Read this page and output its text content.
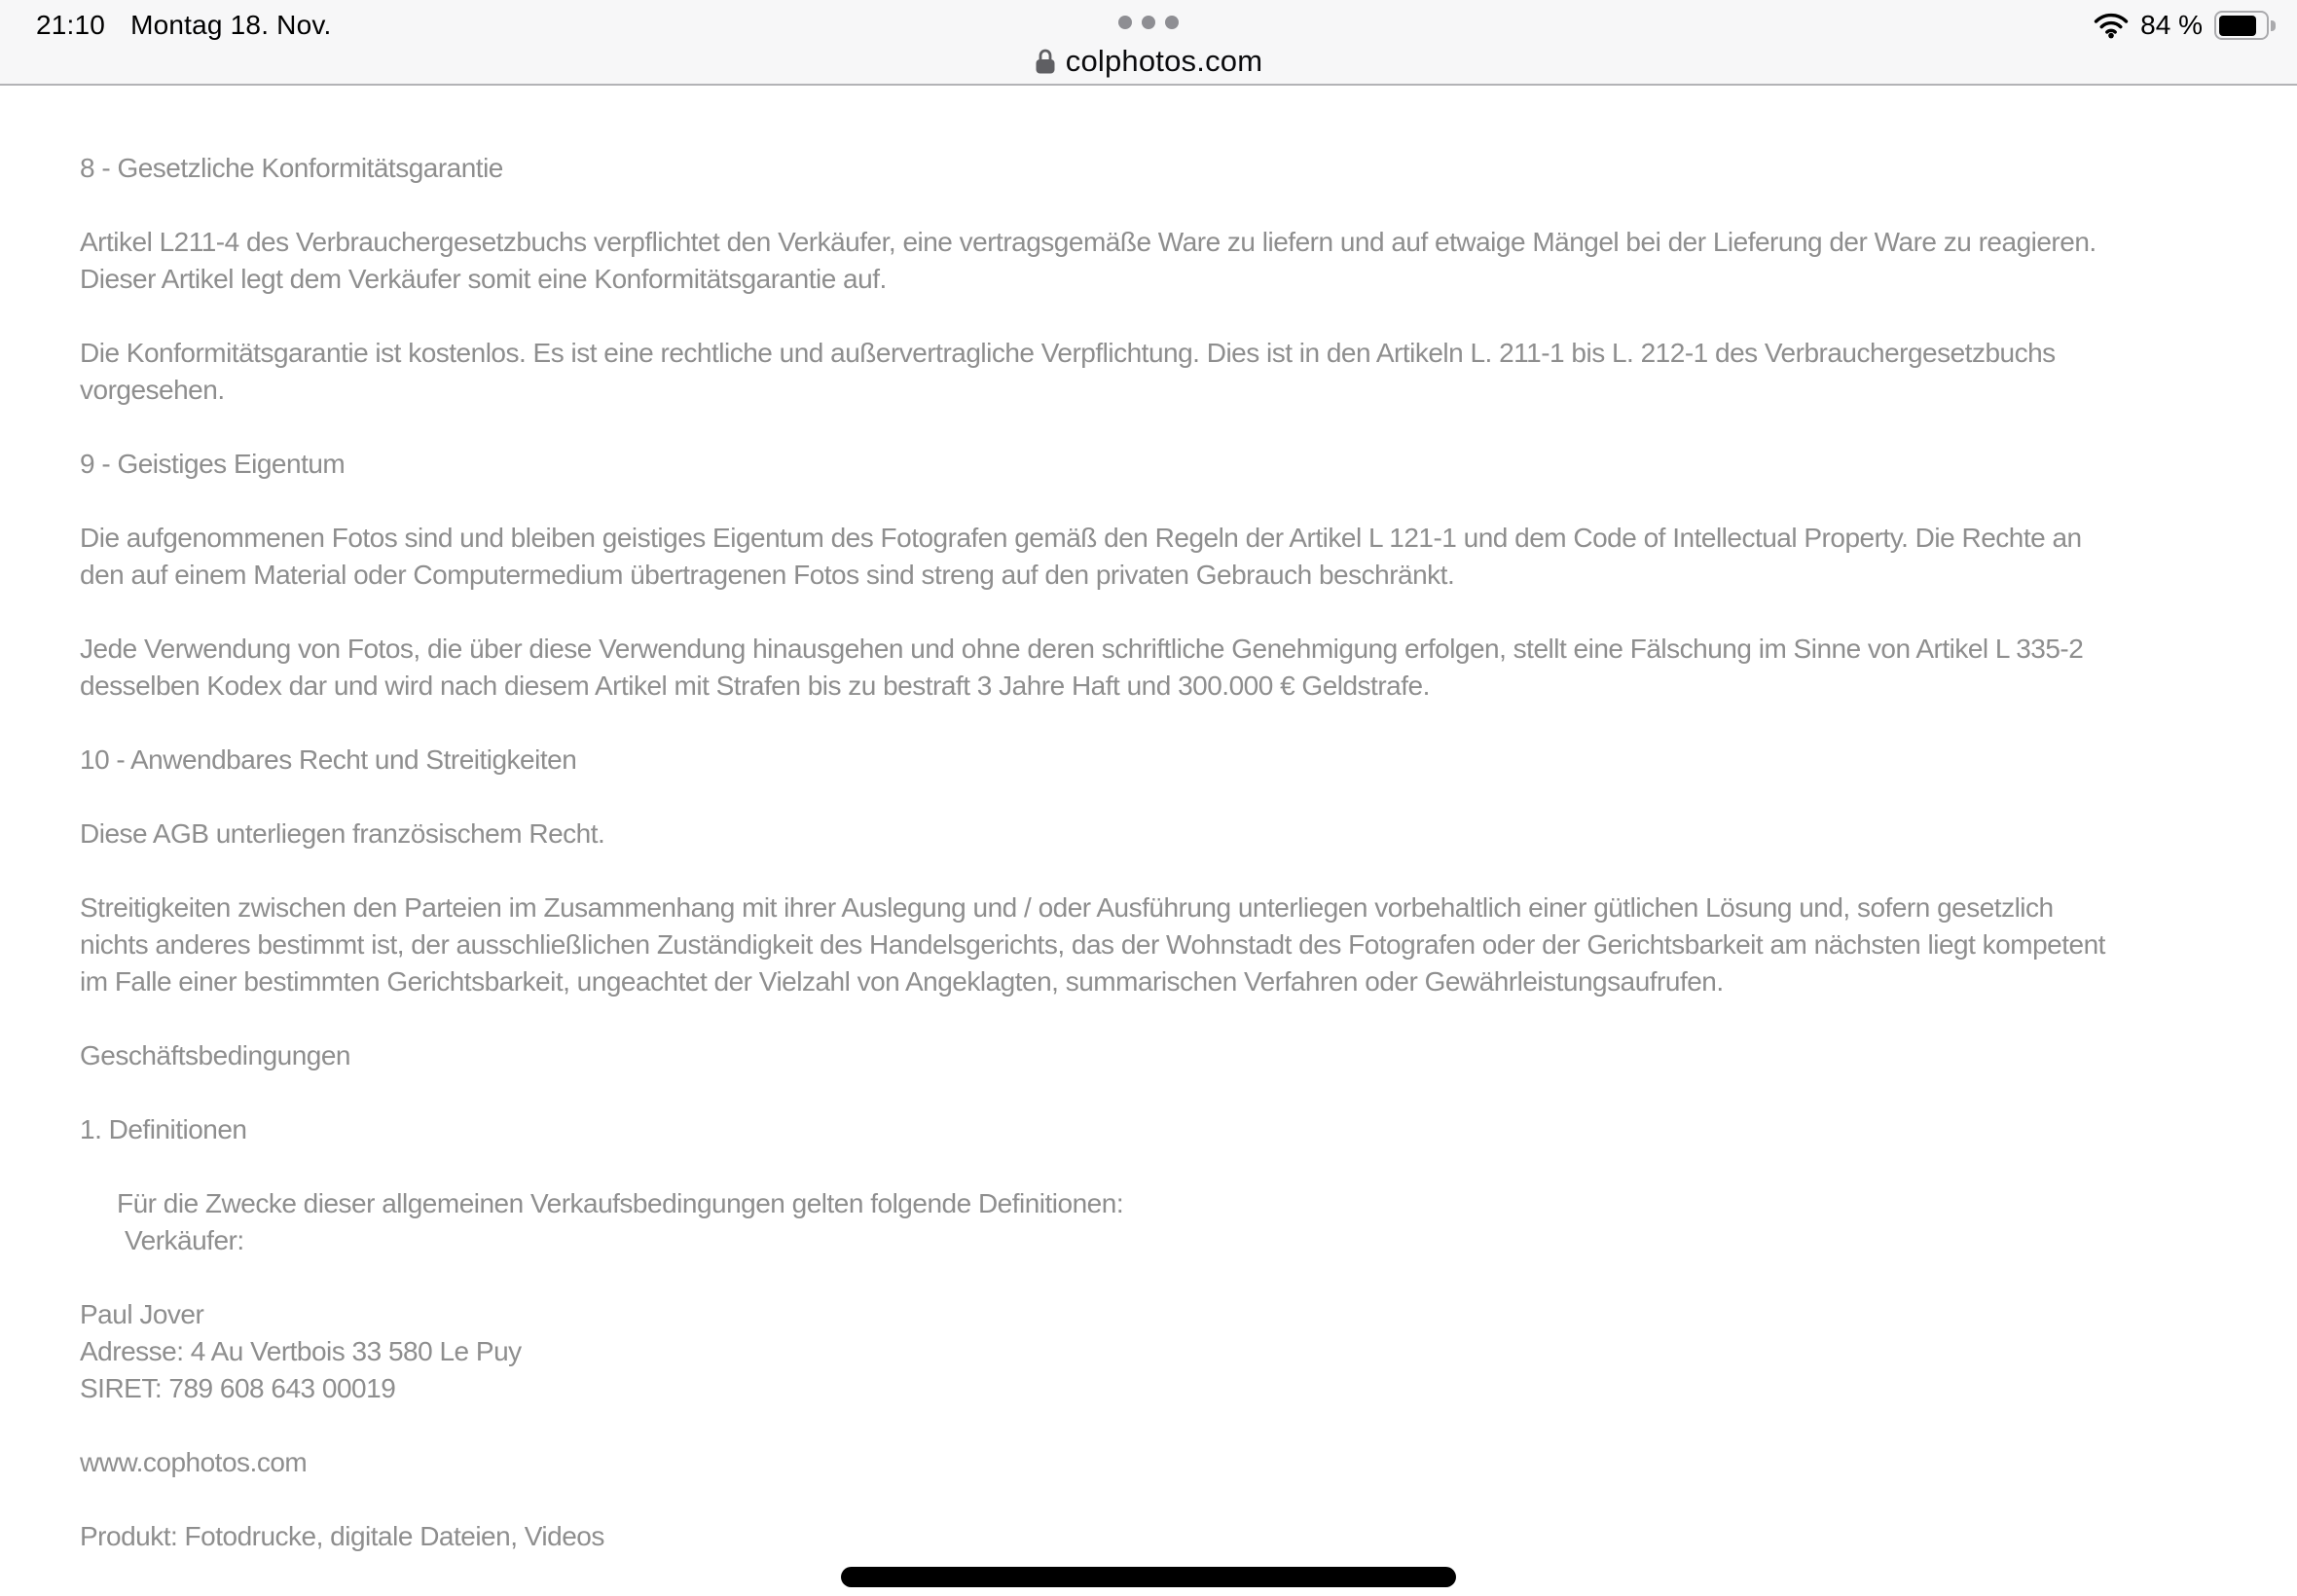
21:10 Montag 18. Nov.	84 %
colphotos.com
8 - Gesetzliche Konformitätsgarantie

Artikel L211-4 des Verbrauchergesetzbuchs verpflichtet den Verkäufer, eine vertragsgemäße Ware zu liefern und auf etwaige Mängel bei der Lieferung der Ware zu reagieren.
Dieser Artikel legt dem Verkäufer somit eine Konformitätsgarantie auf.

Die Konformitätsgarantie ist kostenlos. Es ist eine rechtliche und außervertragliche Verpflichtung. Dies ist in den Artikeln L. 211-1 bis L. 212-1 des Verbrauchergesetzbuchs
vorgesehen.

9 - Geistiges Eigentum

Die aufgenommenen Fotos sind und bleiben geistiges Eigentum des Fotografen gemäß den Regeln der Artikel L 121-1 und dem Code of Intellectual Property. Die Rechte an
den auf einem Material oder Computermedium übertragenen Fotos sind streng auf den privaten Gebrauch beschränkt.

Jede Verwendung von Fotos, die über diese Verwendung hinausgehen und ohne deren schriftliche Genehmigung erfolgen, stellt eine Fälschung im Sinne von Artikel L 335-2
desselben Kodex dar und wird nach diesem Artikel mit Strafen bis zu bestraft 3 Jahre Haft und 300.000 € Geldstrafe.

10 - Anwendbares Recht und Streitigkeiten

Diese AGB unterliegen französischem Recht.

Streitigkeiten zwischen den Parteien im Zusammenhang mit ihrer Auslegung und / oder Ausführung unterliegen vorbehaltlich einer gütlichen Lösung und, sofern gesetzlich
nichts anderes bestimmt ist, der ausschließlichen Zuständigkeit des Handelsgerichts, das der Wohnstadt des Fotografen oder der Gerichtsbarkeit am nächsten liegt kompetent
im Falle einer bestimmten Gerichtsbarkeit, ungeachtet der Vielzahl von Angeklagten, summarischen Verfahren oder Gewährleistungsaufrufen.

Geschäftsbedingungen

1. Definitionen

Für die Zwecke dieser allgemeinen Verkaufsbedingungen gelten folgende Definitionen:
Verkäufer:

Paul Jover
Adresse: 4 Au Vertbois 33 580 Le Puy
SIRET: 789 608 643 00019

www.cophotos.com

Produkt: Fotodrucke, digitale Dateien, Videos
